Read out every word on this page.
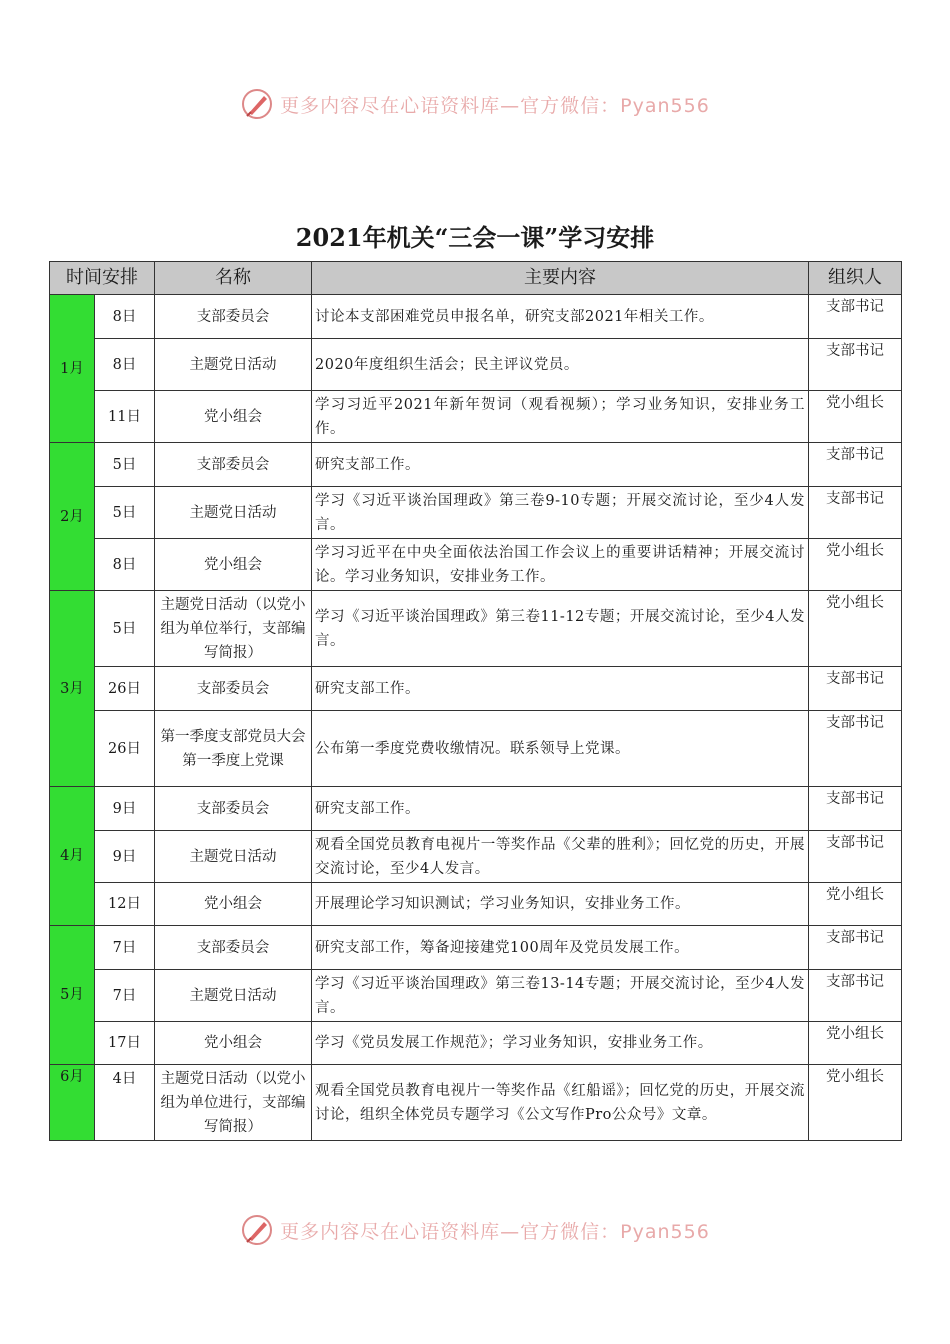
更多内容尽在心语资料库—官方微信：Pyan556
2021年机关“三会一课”学习安排
时间安排		名称	主要内容	组织人
1月	8日	支部委员会	讨论本支部困难党员申报名单，研究支部2021年相关工作。	支部书记
	8日	主题党日活动	2020年度组织生活会；民主评议党员。	支部书记
	11日	党小组会	学习习近平2021年新年贺词（观看视频）；学习业务知识，安排业务工作。	党小组长
2月	5日	支部委员会	研究支部工作。	支部书记
	5日	主题党日活动	学习《习近平谈治国理政》第三卷9-10专题；开展交流讨论，至少4人发言。	支部书记
	8日	党小组会	学习习近平在中央全面依法治国工作会议上的重要讲话精神；开展交流讨论。学习业务知识，安排业务工作。	党小组长
3月	5日	主题党日活动（以党小组为单位举行，支部编写简报）	学习《习近平谈治国理政》第三卷11-12专题；开展交流讨论，至少4人发言。	党小组长
	26日	支部委员会	研究支部工作。	支部书记
	26日	第一季度支部党员大会 第一季度上党课	公布第一季度党费收缴情况。联系领导上党课。	支部书记
4月	9日	支部委员会	研究支部工作。	支部书记
	9日	主题党日活动	观看全国党员教育电视片一等奖作品《父辈的胜利》；回忆党的历史，开展交流讨论，至少4人发言。	支部书记
	12日	党小组会	开展理论学习知识测试；学习业务知识，安排业务工作。	党小组长
5月	7日	支部委员会	研究支部工作，筹备迎接建党100周年及党员发展工作。	支部书记
	7日	主题党日活动	学习《习近平谈治国理政》第三卷13-14专题；开展交流讨论，至少4人发言。	支部书记
	17日	党小组会	学习《党员发展工作规范》；学习业务知识，安排业务工作。	党小组长
6月	4日	主题党日活动（以党小组为单位进行，支部编写简报）	观看全国党员教育电视片一等奖作品《红船谣》；回忆党的历史，开展交流讨论，组织全体党员专题学习《公文写作Pro公众号》文章。	党小组长
更多内容尽在心语资料库—官方微信：Pyan556
